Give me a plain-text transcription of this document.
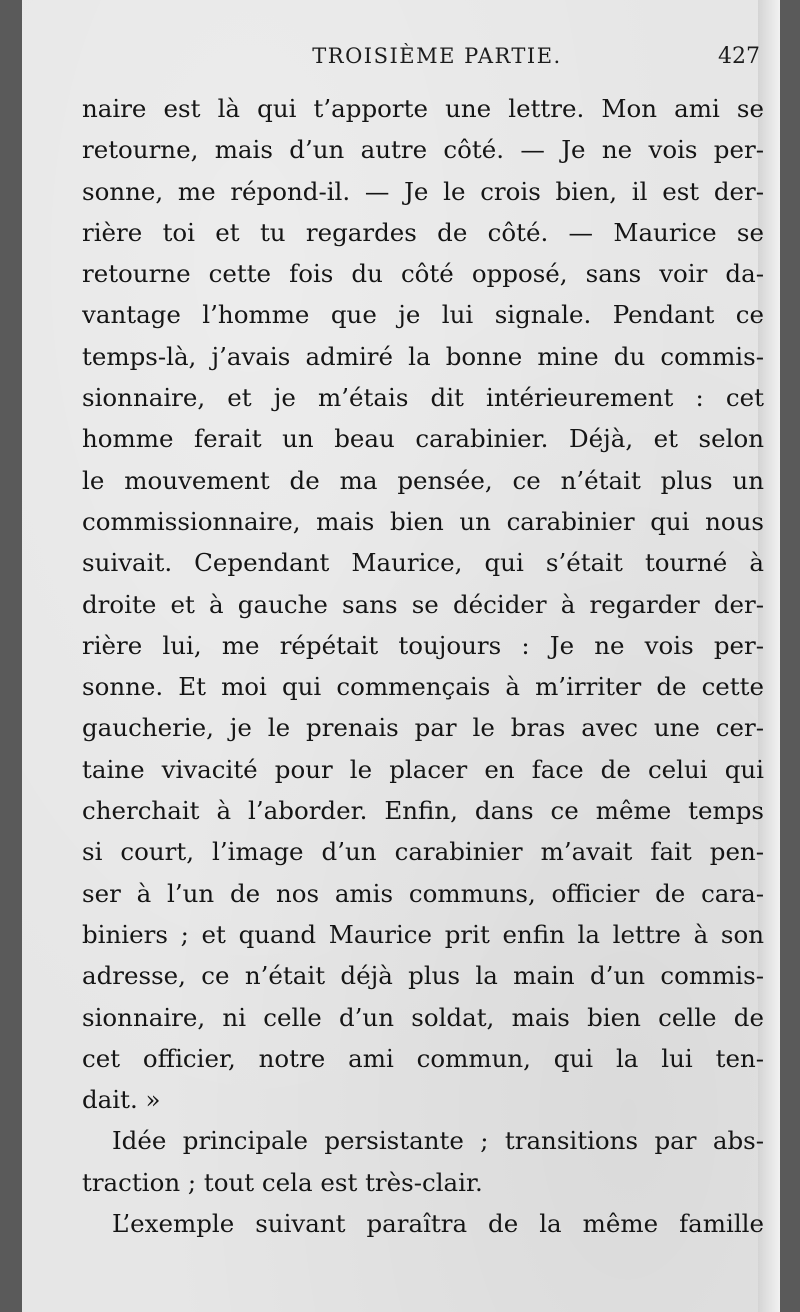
TROISIÈME PARTIE.	427
naire est là qui t’apporte une lettre. Mon ami se
retourne, mais d’un autre côté. — Je ne vois per-
sonne, me répond-il. — Je le crois bien, il est der-
rière toi et tu regardes de côté. — Maurice se
retourne cette fois du côté opposé, sans voir da-
vantage l’homme que je lui signale. Pendant ce
temps-là, j’avais admiré la bonne mine du commis-
sionnaire, et je m’étais dit intérieurement : cet
homme ferait un beau carabinier. Déjà, et selon
le mouvement de ma pensée, ce n’était plus un
commissionnaire, mais bien un carabinier qui nous
suivait. Cependant Maurice, qui s’était tourné à
droite et à gauche sans se décider à regarder der-
rière lui, me répétait toujours : Je ne vois per-
sonne. Et moi qui commençais à m’irriter de cette
gaucherie, je le prenais par le bras avec une cer-
taine vivacité pour le placer en face de celui qui
cherchait à l’aborder. Enfin, dans ce même temps
si court, l’image d’un carabinier m’avait fait pen-
ser à l’un de nos amis communs, officier de cara-
biniers ; et quand Maurice prit enfin la lettre à son
adresse, ce n’était déjà plus la main d’un commis-
sionnaire, ni celle d’un soldat, mais bien celle de
cet officier, notre ami commun, qui la lui ten-
dait. »
Idée principale persistante ; transitions par abs-
traction ; tout cela est très-clair.
L’exemple suivant paraîtra de la même famille
